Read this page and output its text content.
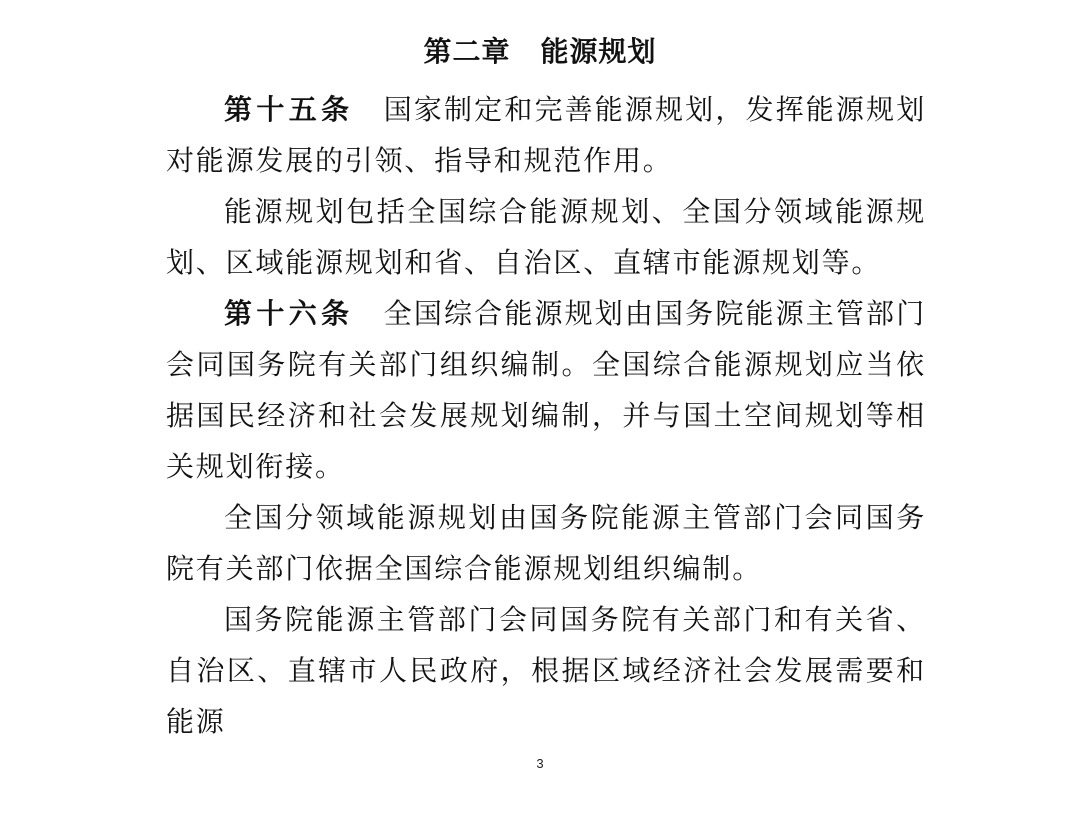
第二章 能源规划

第十五条 国家制定和完善能源规划，发挥能源规划对能源发展的引领、指导和规范作用。

能源规划包括全国综合能源规划、全国分领域能源规划、区域能源规划和省、自治区、直辖市能源规划等。

第十六条 全国综合能源规划由国务院能源主管部门会同国务院有关部门组织编制。全国综合能源规划应当依据国民经济和社会发展规划编制，并与国土空间规划等相关规划衔接。

全国分领域能源规划由国务院能源主管部门会同国务院有关部门依据全国综合能源规划组织编制。

国务院能源主管部门会同国务院有关部门和有关省、自治区、直辖市人民政府，根据区域经济社会发展需要和能源

3
